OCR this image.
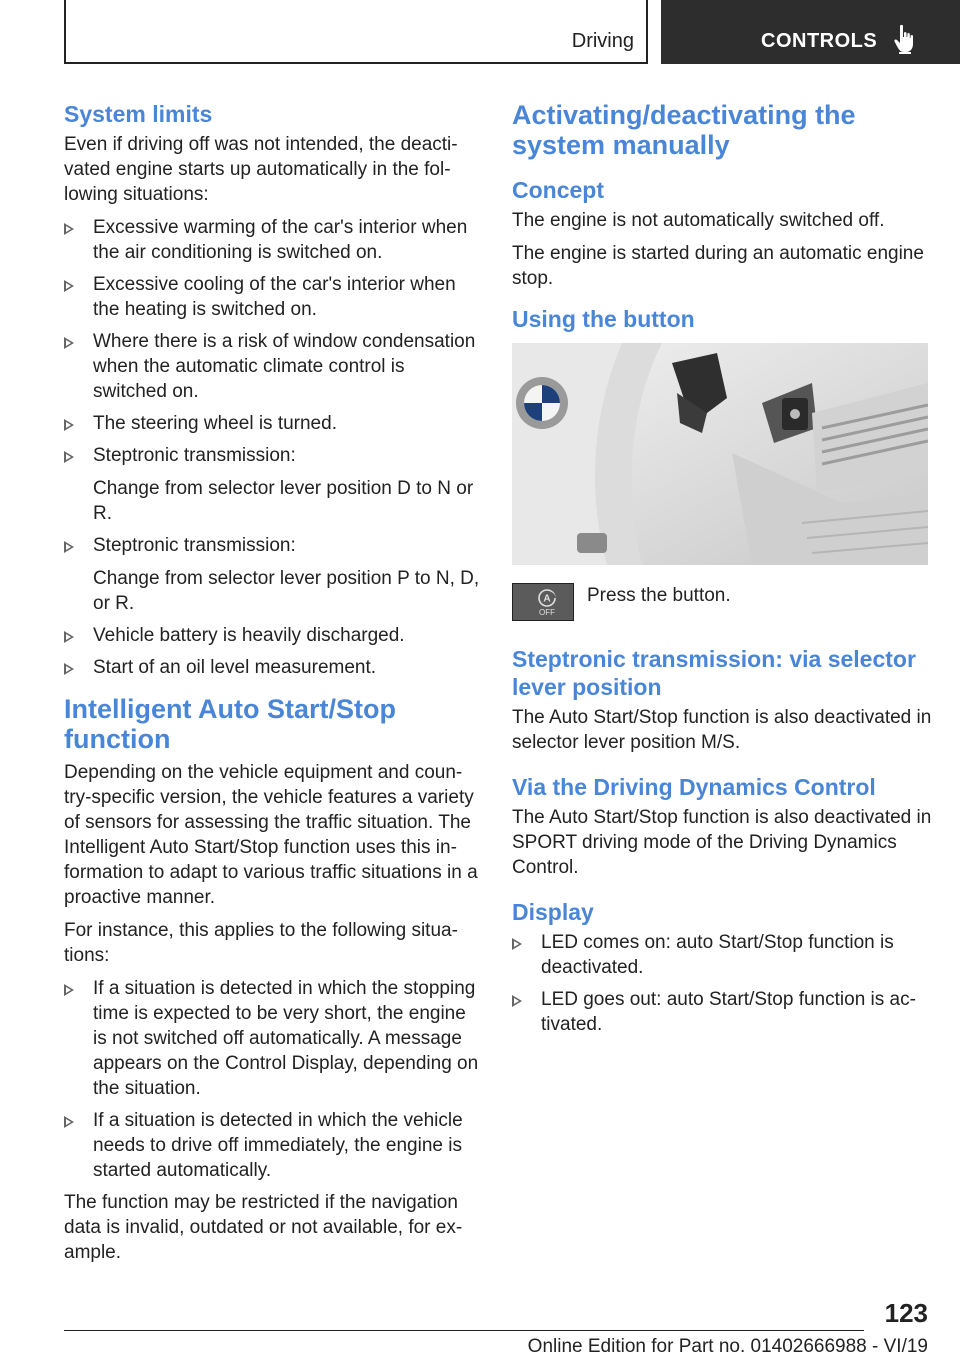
Driving	CONTROLS
System limits

Even if driving off was not intended, the deacti-vated engine starts up automatically in the fol-lowing situations:

Excessive warming of the car's interior when the air conditioning is switched on.
Excessive cooling of the car's interior when the heating is switched on.
Where there is a risk of window condensation when the automatic climate control is switched on.
The steering wheel is turned.
Steptronic transmission:
Change from selector lever position D to N or R.
Steptronic transmission:
Change from selector lever position P to N, D, or R.
Vehicle battery is heavily discharged.
Start of an oil level measurement.
Intelligent Auto Start/Stop function

Depending on the vehicle equipment and coun-try-specific version, the vehicle features a variety of sensors for assessing the traffic situation. The Intelligent Auto Start/Stop function uses this in-formation to adapt to various traffic situations in a proactive manner.

For instance, this applies to the following situa-tions:

If a situation is detected in which the stopping time is expected to be very short, the engine is not switched off automatically. A message appears on the Control Display, depending on the situation.
If a situation is detected in which the vehicle needs to drive off immediately, the engine is started automatically.

The function may be restricted if the navigation data is invalid, outdated or not available, for ex-ample.

Activating/deactivating the system manually
Concept

The engine is not automatically switched off.

The engine is started during an automatic engine stop.

Using the button
A
OFF

Press the button.

Steptronic transmission: via selector lever position

The Auto Start/Stop function is also deactivated in selector lever position M/S.

Via the Driving Dynamics Control

The Auto Start/Stop function is also deactivated in SPORT driving mode of the Driving Dynamics Control.

Display
LED comes on: auto Start/Stop function is deactivated.
LED goes out: auto Start/Stop function is ac-tivated.
123
Online Edition for Part no. 01402666988 - VI/19
